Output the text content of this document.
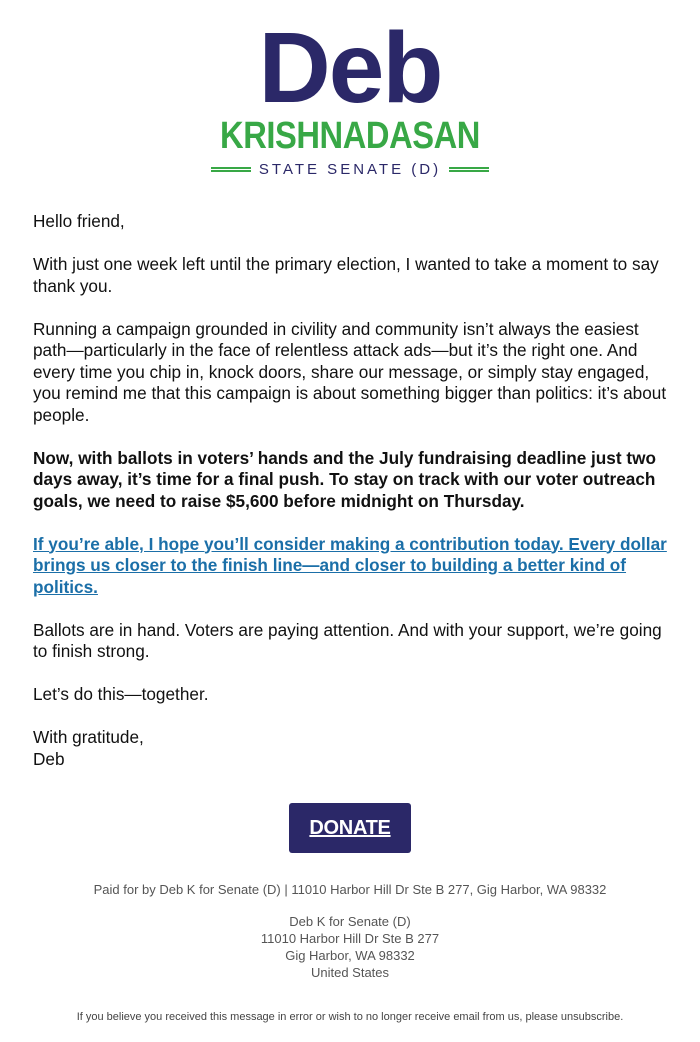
Deb
KRISHNADASAN
STATE SENATE (D)

Hello friend,

With just one week left until the primary election, I wanted to take a moment to say thank you.

Running a campaign grounded in civility and community isn’t always the easiest path—particularly in the face of relentless attack ads—but it’s the right one. And every time you chip in, knock doors, share our message, or simply stay engaged, you remind me that this campaign is about something bigger than politics: it’s about people.

Now, with ballots in voters’ hands and the July fundraising deadline just two days away, it’s time for a final push. To stay on track with our voter outreach goals, we need to raise $5,600 before midnight on Thursday.

If you’re able, I hope you’ll consider making a contribution today. Every dollar brings us closer to the finish line—and closer to building a better kind of politics.

Ballots are in hand. Voters are paying attention. And with your support, we’re going to finish strong.

Let’s do this—together.

With gratitude,
Deb

DONATE
Paid for by Deb K for Senate (D) | 11010 Harbor Hill Dr Ste B 277, Gig Harbor, WA 98332
Deb K for Senate (D)
11010 Harbor Hill Dr Ste B 277
Gig Harbor, WA 98332
United States
If you believe you received this message in error or wish to no longer receive email from us, please unsubscribe.
